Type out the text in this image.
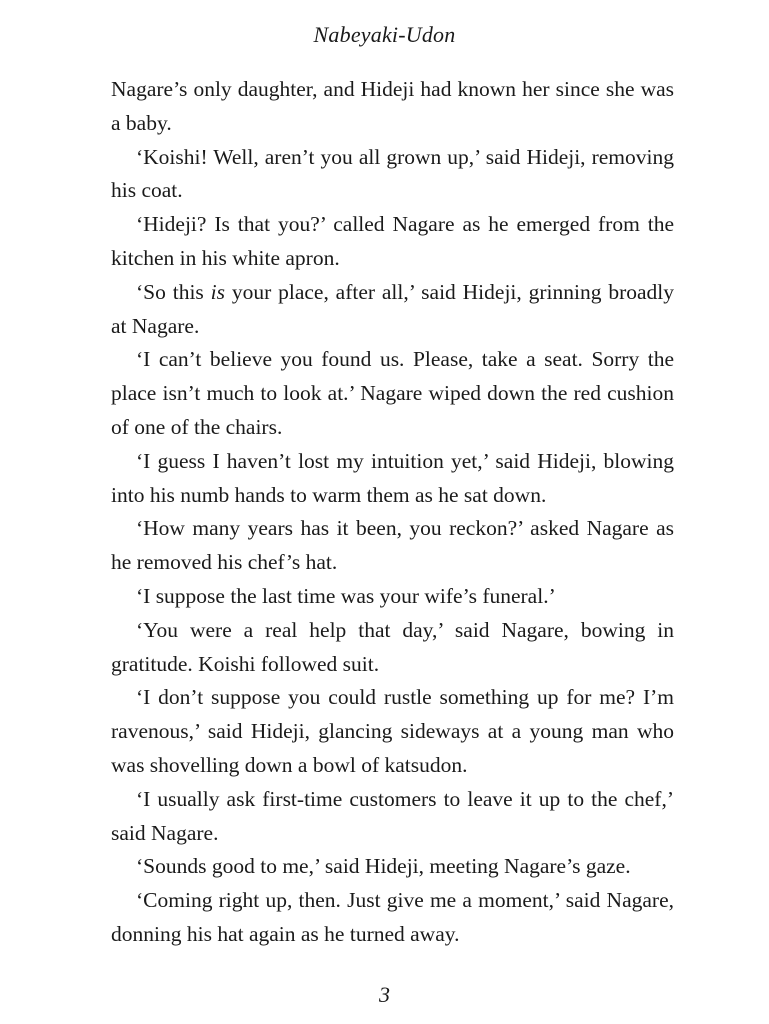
Nabeyaki-Udon

Nagare’s only daughter, and Hideji had known her since she was a baby.

‘Koishi! Well, aren’t you all grown up,’ said Hideji, removing his coat.

‘Hideji? Is that you?’ called Nagare as he emerged from the kitchen in his white apron.

‘So this is your place, after all,’ said Hideji, grinning broadly at Nagare.

‘I can’t believe you found us. Please, take a seat. Sorry the place isn’t much to look at.’ Nagare wiped down the red cushion of one of the chairs.

‘I guess I haven’t lost my intuition yet,’ said Hideji, blowing into his numb hands to warm them as he sat down.

‘How many years has it been, you reckon?’ asked Nagare as he removed his chef’s hat.

‘I suppose the last time was your wife’s funeral.’

‘You were a real help that day,’ said Nagare, bowing in gratitude. Koishi followed suit.

‘I don’t suppose you could rustle something up for me? I’m ravenous,’ said Hideji, glancing sideways at a young man who was shovelling down a bowl of katsudon.

‘I usually ask first-time customers to leave it up to the chef,’ said Nagare.

‘Sounds good to me,’ said Hideji, meeting Nagare’s gaze.

‘Coming right up, then. Just give me a moment,’ said Nagare, donning his hat again as he turned away.

3
